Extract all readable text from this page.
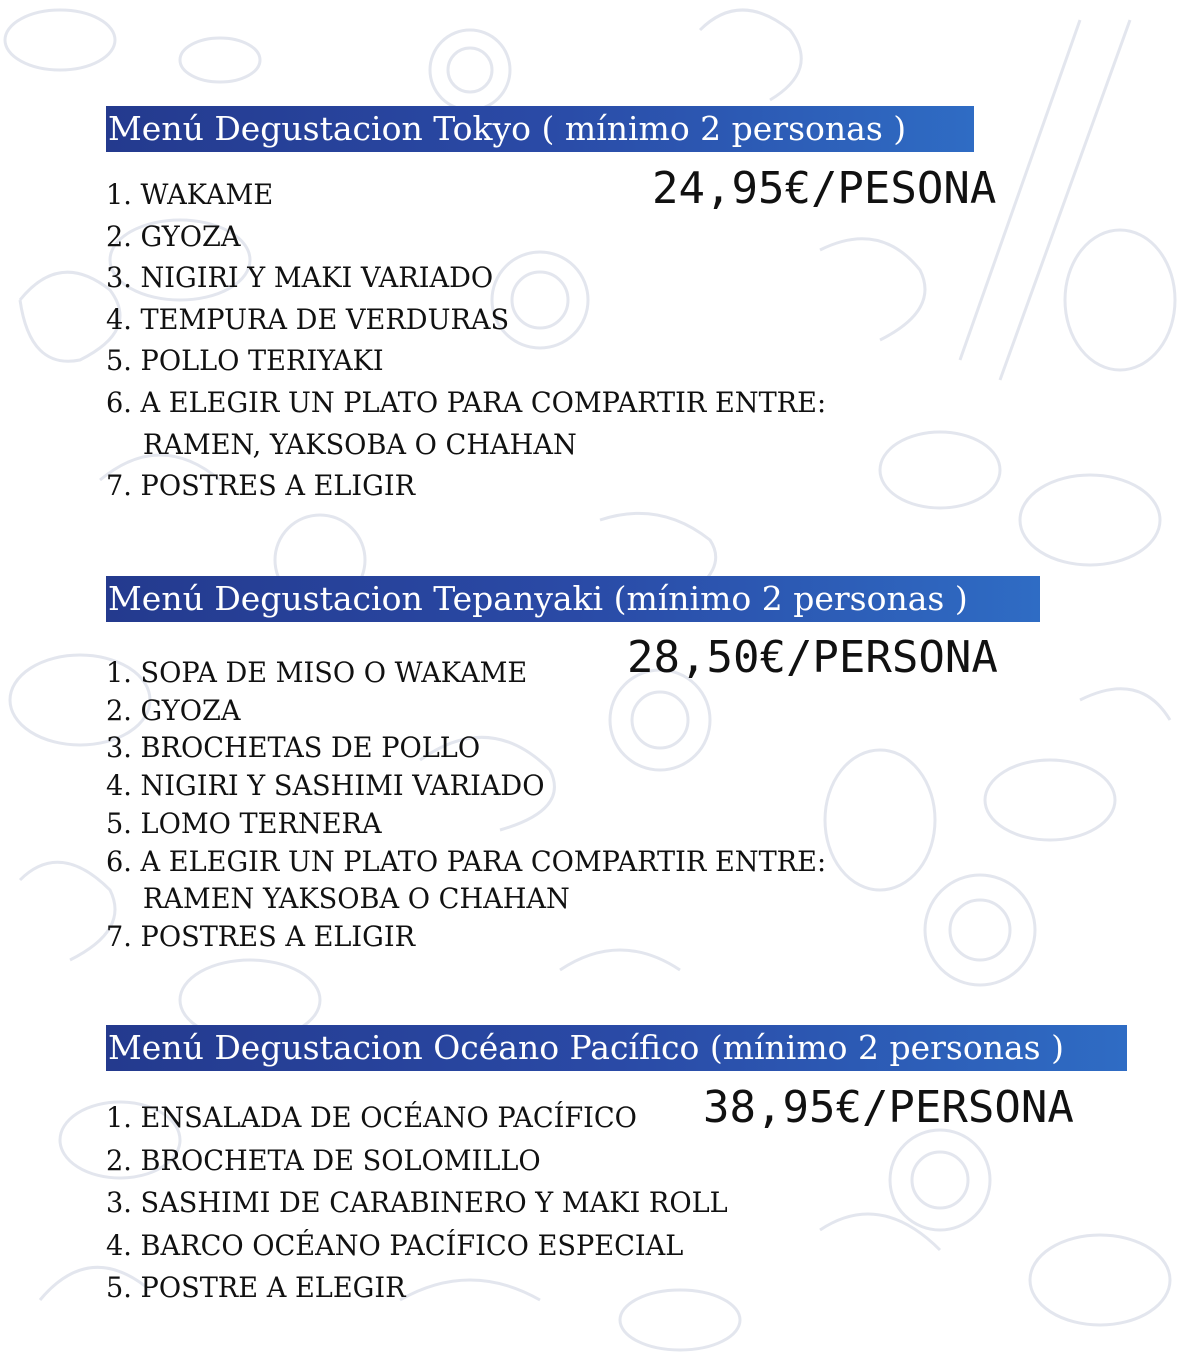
Menú Degustacion Tokyo ( mínimo 2 personas )
24,95€/PESONA
1. WAKAME
2. GYOZA
3. NIGIRI Y MAKI VARIADO
4. TEMPURA DE VERDURAS
5. POLLO TERIYAKI
6. A ELEGIR UN PLATO PARA COMPARTIR ENTRE:
RAMEN, YAKSOBA O CHAHAN
7. POSTRES A ELIGIR
Menú Degustacion Tepanyaki (mínimo 2 personas )
28,50€/PERSONA
1. SOPA DE MISO O WAKAME
2. GYOZA
3. BROCHETAS DE POLLO
4. NIGIRI Y SASHIMI VARIADO
5. LOMO TERNERA
6. A ELEGIR UN PLATO PARA COMPARTIR ENTRE:
RAMEN YAKSOBA O CHAHAN
7. POSTRES A ELIGIR
Menú Degustacion Océano Pacífico (mínimo 2 personas )
38,95€/PERSONA
1. ENSALADA DE OCÉANO PACÍFICO
2. BROCHETA DE SOLOMILLO
3. SASHIMI DE CARABINERO Y MAKI ROLL
4. BARCO OCÉANO PACÍFICO ESPECIAL
5. POSTRE A ELEGIR
